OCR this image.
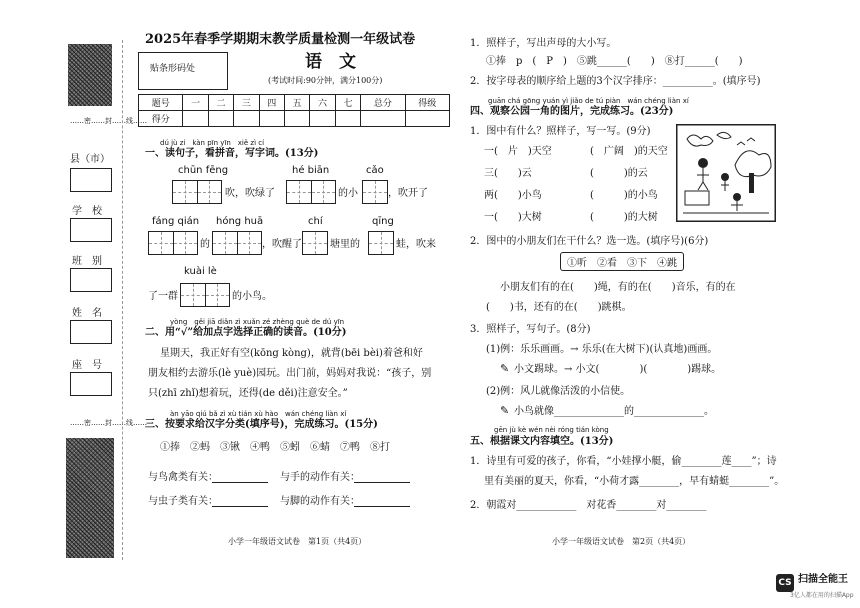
……密……封……线……
县（市）
学　校
班　别
姓　名
座　号
……密……封……线……
2025年春季学期期末教学质量检测一年级试卷
贴条形码处	语　文
(考试时间:90分钟，满分100分)
题号	一	二	三	四	五	六	七	总分	得级
得分									
dú jù zi　kàn pīn yīn　xiě zì cí
一、读句子，看拼音，写字词。(13分)
chūn fēng
吹，吹绿了
hé biān
的小
cǎo
，吹开了
fáng qián
的
hóng huā
，吹醒了
chí
塘里的
qīng
蛙，吹来
kuài lè
了一群	的小鸟。
yòng　gěi jiā diǎn zì xuǎn zé zhèng què de dú yīn
二、用“√”给加点字选择正确的读音。(10分)
星期天，我正好有空(kōng kòng)，就背(bēi bèi)着爸和好
朋友相约去游乐(lè yuè)园玩。出门前，妈妈对我说：“孩子，别
只(zhī zhǐ)想着玩，还得(de děi)注意安全。”
àn yāo qiú bǎ zì xù tián xù hào　wán chéng liàn xí
三、按要求给汉字分类(填序号)，完成练习。(15分)
①捧　②蚂　③锹　④鸭　⑤蚓　⑥蜻　⑦鸭　⑧打
与鸟禽类有关：	与手的动作有关：
与虫子类有关：	与脚的动作有关：
小学一年级语文试卷　第1页（共4页）
1．照样子，写出声母的大小写。
①捧　p　(　P　)　⑤跳______(　　)　⑧打______(　　)
2．按字母表的顺序给上题的3个汉字排序：__________。(填序号)
guān chá gōng yuán yì jiǎo de tú piàn　wán chéng liàn xí
四、观察公园一角的图片，完成练习。(23分)
1．图中有什么？照样子，写一写。(9分)
一(　片　)天空	(　广阔　)的天空
三(　　)云	(　　　)的云
两(　　)小鸟	(　　　)的小鸟
一(　　)大树	(　　　)的大树
2．图中的小朋友们在干什么？选一选。(填序号)(6分)
①听　②看　③下　④跳
小朋友们有的在(　　)绳，有的在(　　)音乐，有的在
(　　)书，还有的在(　　)跳棋。
3．照样子，写句子。(8分)
(1)例：乐乐画画。→ 乐乐(在大树下)(认真地)画画。
✎ 小文踢球。→ 小文(　　　　)(　　　　)踢球。
(2)例：风儿就像活泼的小信使。
✎ 小鸟就像______________的______________。
gēn jù kè wén nèi róng tián kòng
五、根据课文内容填空。(13分)
1．诗里有可爱的孩子，你看，“小娃撑小艇，偷________莲____”；诗
里有美丽的夏天，你看，“小荷才露________，早有蜻蜓________”。
2．朝霞对____________　对花香________对________
小学一年级语文试卷　第2页（共4页）
CS 扫描全能王
3亿人都在用的扫描App
